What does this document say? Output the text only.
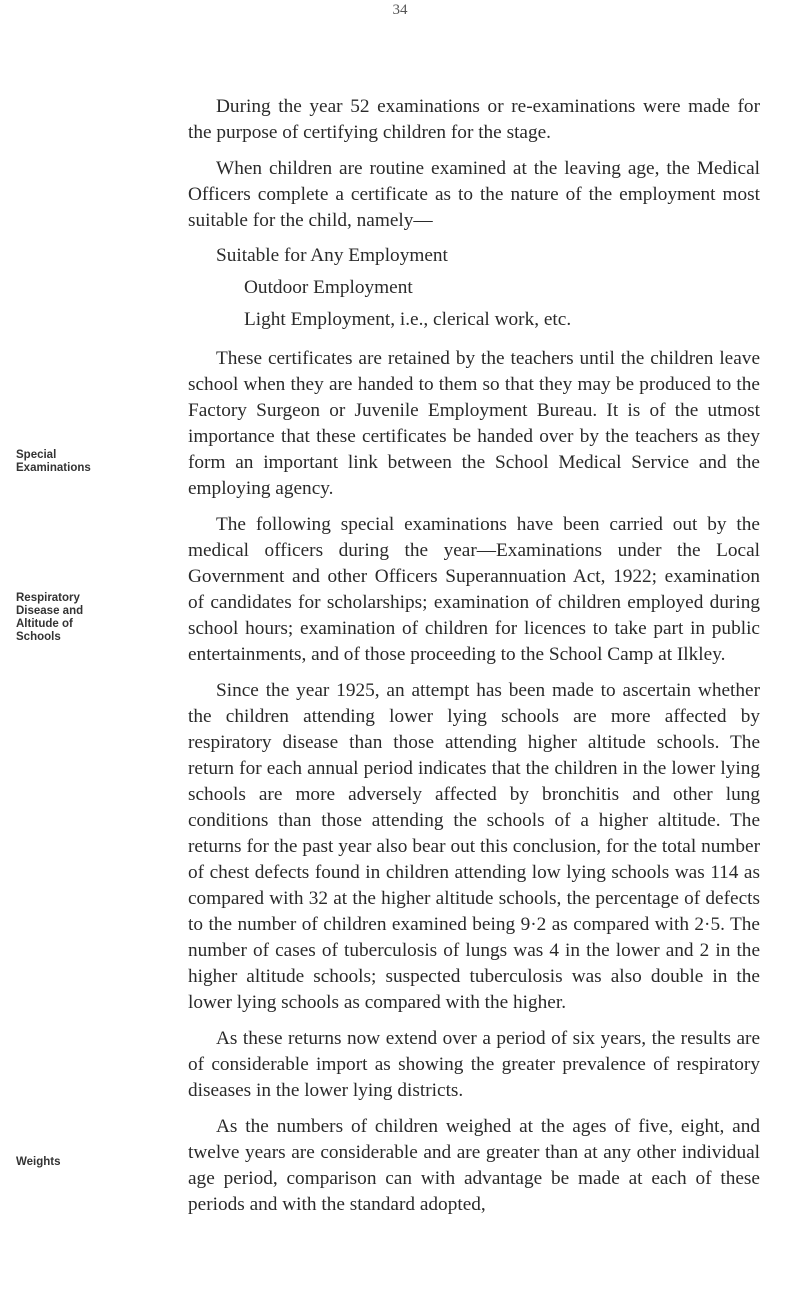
34
Special
Examinations
Respiratory
Disease and
Altitude of
Schools
Weights

During the year 52 examinations or re-examinations were made for the purpose of certifying children for the stage.

When children are routine examined at the leaving age, the Medical Officers complete a certificate as to the nature of the employment most suitable for the child, namely—

Suitable for Any Employment
Outdoor Employment
Light Employment, i.e., clerical work, etc.

These certificates are retained by the teachers until the children leave school when they are handed to them so that they may be produced to the Factory Surgeon or Juvenile Employment Bureau. It is of the utmost importance that these certificates be handed over by the teachers as they form an important link between the School Medical Service and the employing agency.

The following special examinations have been carried out by the medical officers during the year—Examinations under the Local Government and other Officers Superannuation Act, 1922; examination of candidates for scholarships; examination of children employed during school hours; examination of children for licences to take part in public entertainments, and of those proceeding to the School Camp at Ilkley.

Since the year 1925, an attempt has been made to ascertain whether the children attending lower lying schools are more affected by respiratory disease than those attending higher altitude schools. The return for each annual period indicates that the children in the lower lying schools are more adversely affected by bronchitis and other lung conditions than those attending the schools of a higher altitude. The returns for the past year also bear out this conclusion, for the total number of chest defects found in children attending low lying schools was 114 as compared with 32 at the higher altitude schools, the percentage of defects to the number of children examined being 9·2 as compared with 2·5. The number of cases of tuberculosis of lungs was 4 in the lower and 2 in the higher altitude schools; suspected tuberculosis was also double in the lower lying schools as compared with the higher.

As these returns now extend over a period of six years, the results are of considerable import as showing the greater prevalence of respiratory diseases in the lower lying districts.

As the numbers of children weighed at the ages of five, eight, and twelve years are considerable and are greater than at any other individual age period, comparison can with advantage be made at each of these periods and with the standard adopted,
